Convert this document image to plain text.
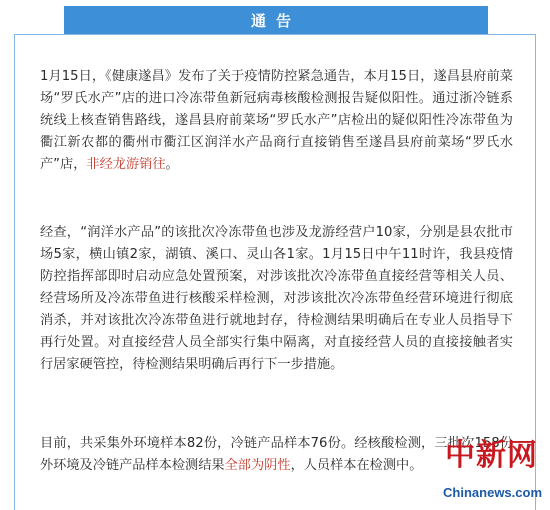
通告

1月15日，《健康遂昌》发布了关于疫情防控紧急通告，本月15日，遂昌县府前菜场“罗氏水产”店的进口冷冻带鱼新冠病毒核酸检测报告疑似阳性。通过浙冷链系统线上核查销售路线，遂昌县府前菜场“罗氏水产”店检出的疑似阳性冷冻带鱼为衢江新农都的衢州市衢江区润洋水产品商行直接销售至遂昌县府前菜场“罗氏水产”店，非经龙游销往。

经查，“润洋水产品”的该批次冷冻带鱼也涉及龙游经营户10家，分别是县农批市场5家，横山镇2家，湖镇、溪口、灵山各1家。1月15日中午11时许，我县疫情防控指挥部即时启动应急处置预案，对涉该批次冷冻带鱼直接经营等相关人员、经营场所及冷冻带鱼进行核酸采样检测，对涉该批次冷冻带鱼经营环境进行彻底消杀，并对该批次冷冻带鱼进行就地封存，待检测结果明确后在专业人员指导下再行处置。对直接经营人员全部实行集中隔离，对直接经营人员的直接接触者实行居家硬管控，待检测结果明确后再行下一步措施。

目前，共采集外环境样本82份，冷链产品样本76份。经核酸检测，三批次158份外环境及冷链产品样本检测结果全部为阴性，人员样本在检测中。 中新网
Chinanews.com
